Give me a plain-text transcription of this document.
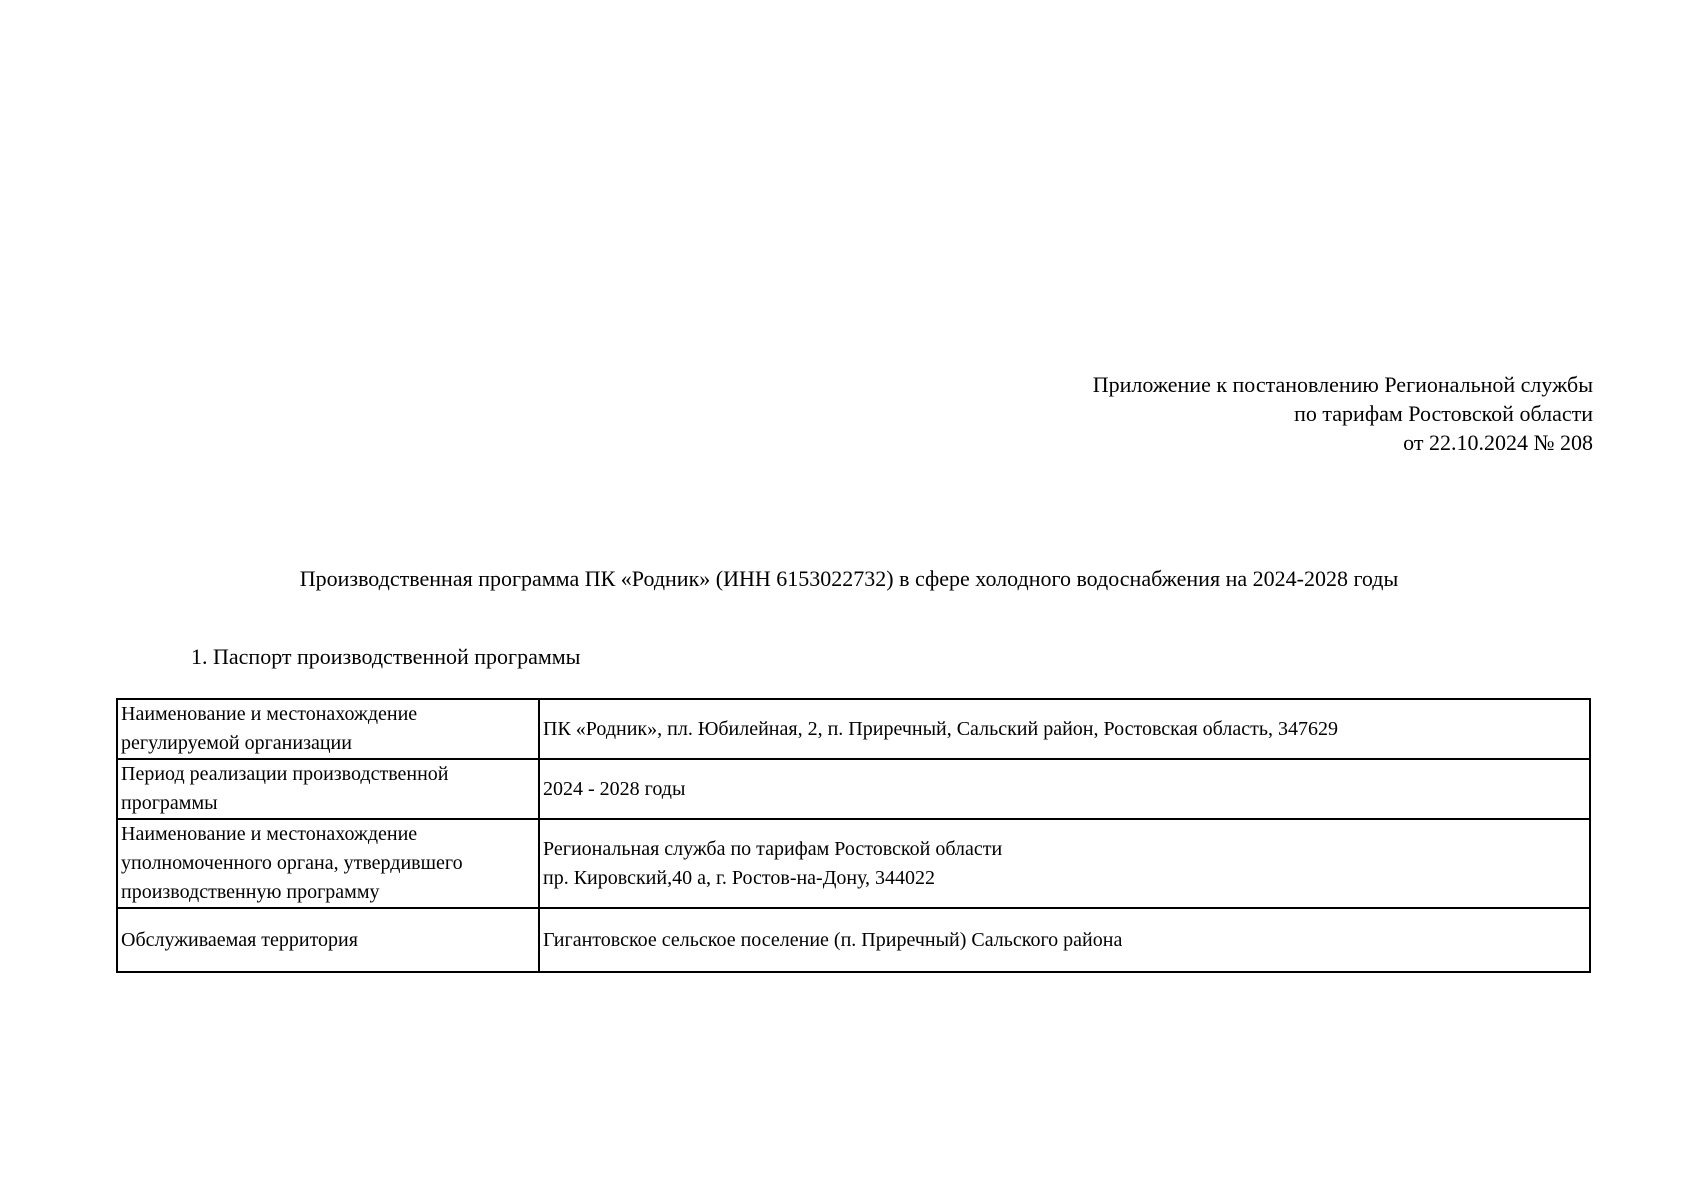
Приложение к постановлению Региональной службы
по тарифам Ростовской области
от 22.10.2024 № 208
Производственная программа ПК «Родник» (ИНН 6153022732) в сфере холодного водоснабжения на 2024-2028 годы
1. Паспорт производственной программы
Наименование и местонахождение
регулируемой организации	ПК «Родник», пл. Юбилейная, 2, п. Приречный, Сальский район, Ростовская область, 347629

Период реализации производственной
программы	2024 - 2028 годы

Наименование и местонахождение
уполномоченного органа, утвердившего
производственную программу	Региональная служба по тарифам Ростовской области
пр. Кировский,40 а, г. Ростов-на-Дону, 344022

Обслуживаемая территория	Гигантовское сельское поселение (п. Приречный) Сальского района
